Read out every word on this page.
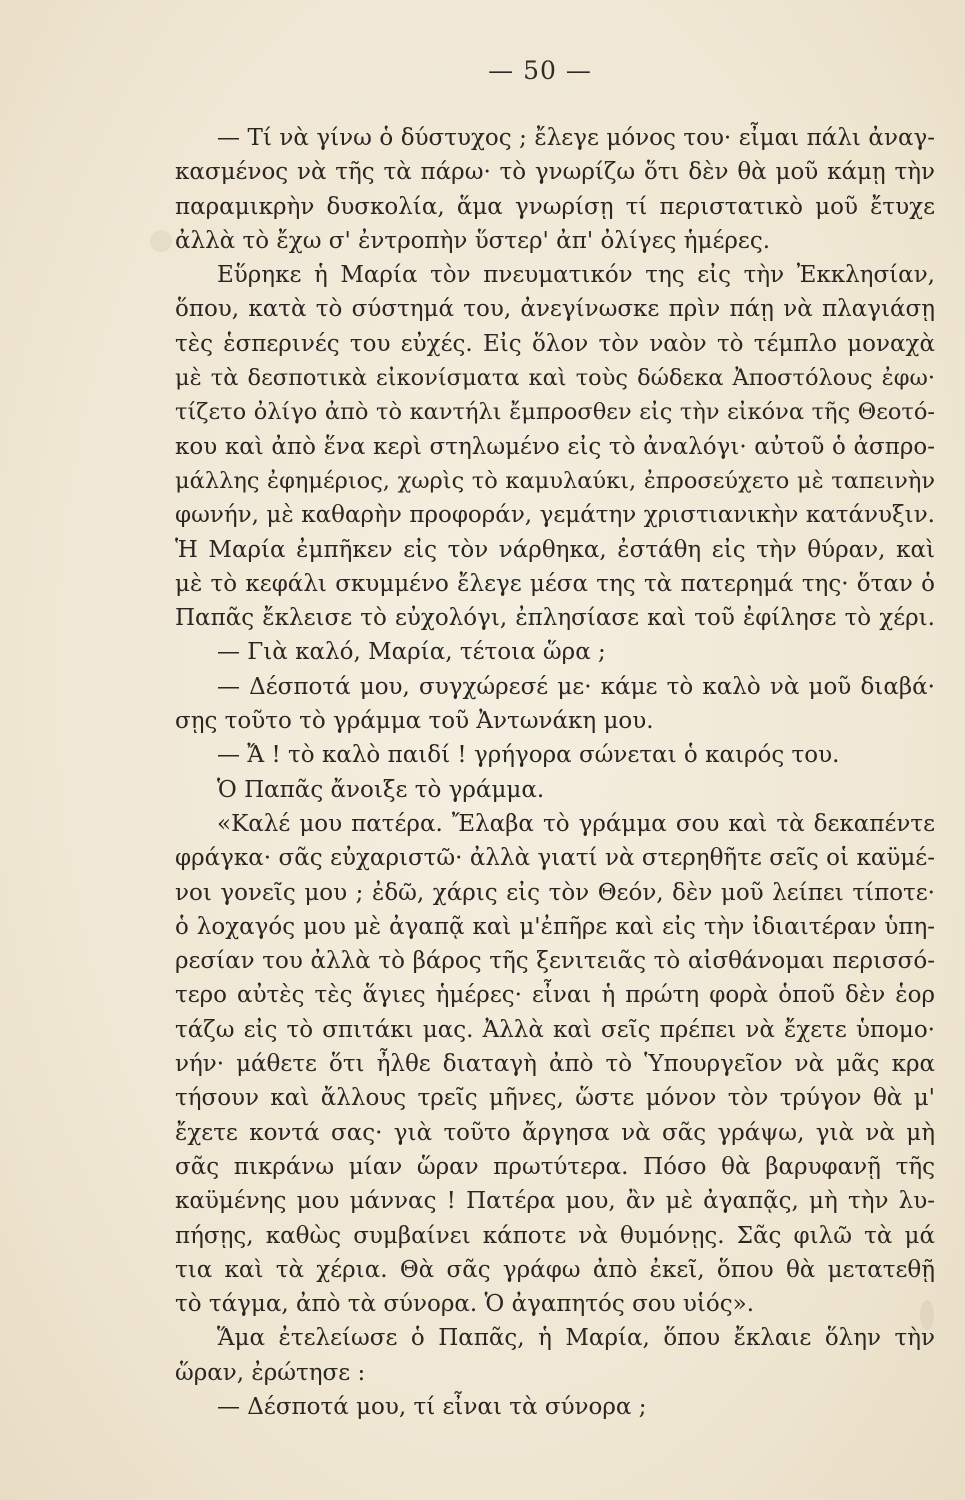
— 50 —
— Τί νὰ γίνω ὁ δύστυχος ; ἔλεγε μόνος του· εἶμαι πάλι ἀναγ-
κασμένος νὰ τῆς τὰ πάρω· τὸ γνωρίζω ὅτι δὲν θὰ μοῦ κάμῃ τὴν
παραμικρὴν δυσκολία, ἅμα γνωρίσῃ τί περιστατικὸ μοῦ ἔτυχε
ἀλλὰ τὸ ἔχω σ' ἐντροπὴν ὕστερ' ἀπ' ὀλίγες ἡμέρες.
Εὕρηκε ἡ Μαρία τὸν πνευματικόν της εἰς τὴν Ἐκκλησίαν,
ὅπου, κατὰ τὸ σύστημά του, ἀνεγίνωσκε πρὶν πάῃ νὰ πλαγιάσῃ
τὲς ἑσπερινές του εὐχές. Εἰς ὅλον τὸν ναὸν τὸ τέμπλο μοναχὰ
μὲ τὰ δεσποτικὰ εἰκονίσματα καὶ τοὺς δώδεκα Ἀποστόλους ἐφω·
τίζετο ὀλίγο ἀπὸ τὸ καντήλι ἔμπροσθεν εἰς τὴν εἰκόνα τῆς Θεοτό-
κου καὶ ἀπὸ ἕνα κερὶ στηλωμένο εἰς τὸ ἀναλόγι· αὐτοῦ ὁ ἀσπρο-
μάλλης ἐφημέριος, χωρὶς τὸ καμυλαύκι, ἐπροσεύχετο μὲ ταπεινὴν
φωνήν, μὲ καθαρὴν προφοράν, γεμάτην χριστιανικὴν κατάνυξιν.
Ἡ Μαρία ἐμπῆκεν εἰς τὸν νάρθηκα, ἐστάθη εἰς τὴν θύραν, καὶ
μὲ τὸ κεφάλι σκυμμένο ἔλεγε μέσα της τὰ πατερημά της· ὅταν ὁ
Παπᾶς ἔκλεισε τὸ εὐχολόγι, ἐπλησίασε καὶ τοῦ ἐφίλησε τὸ χέρι.
— Γιὰ καλό, Μαρία, τέτοια ὥρα ;
— Δέσποτά μου, συγχώρεσέ με· κάμε τὸ καλὸ νὰ μοῦ διαβά·
σῃς τοῦτο τὸ γράμμα τοῦ Ἀντωνάκη μου.
— Ἄ ! τὸ καλὸ παιδί ! γρήγορα σώνεται ὁ καιρός του.
Ὁ Παπᾶς ἄνοιξε τὸ γράμμα.
«Καλέ μου πατέρα. Ἔλαβα τὸ γράμμα σου καὶ τὰ δεκαπέντε
φράγκα· σᾶς εὐχαριστῶ· ἀλλὰ γιατί νὰ στερηθῆτε σεῖς οἱ καϋμέ-
νοι γονεῖς μου ; ἐδῶ, χάρις εἰς τὸν Θεόν, δὲν μοῦ λείπει τίποτε·
ὁ λοχαγός μου μὲ ἀγαπᾷ καὶ μ'ἐπῆρε καὶ εἰς τὴν ἰδιαιτέραν ὑπη-
ρεσίαν του ἀλλὰ τὸ βάρος τῆς ξενιτειᾶς τὸ αἰσθάνομαι περισσό-
τερο αὐτὲς τὲς ἅγιες ἡμέρες· εἶναι ἡ πρώτη φορὰ ὁποῦ δὲν ἑορ
τάζω εἰς τὸ σπιτάκι μας. Ἀλλὰ καὶ σεῖς πρέπει νὰ ἔχετε ὑπομο·
νήν· μάθετε ὅτι ἦλθε διαταγὴ ἀπὸ τὸ Ὑπουργεῖον νὰ μᾶς κρα
τήσουν καὶ ἄλλους τρεῖς μῆνες, ὥστε μόνον τὸν τρύγον θὰ μ'
ἔχετε κοντά σας· γιὰ τοῦτο ἄργησα νὰ σᾶς γράψω, γιὰ νὰ μὴ
σᾶς πικράνω μίαν ὥραν πρωτύτερα. Πόσο θὰ βαρυφανῇ τῆς
καϋμένης μου μάννας ! Πατέρα μου, ἂν μὲ ἀγαπᾷς, μὴ τὴν λυ-
πήσῃς, καθὼς συμβαίνει κάποτε νὰ θυμόνῃς. Σᾶς φιλῶ τὰ μά
τια καὶ τὰ χέρια. Θὰ σᾶς γράφω ἀπὸ ἐκεῖ, ὅπου θὰ μετατεθῇ
τὸ τάγμα, ἀπὸ τὰ σύνορα. Ὁ ἀγαπητός σου υἱός».
Ἅμα ἐτελείωσε ὁ Παπᾶς, ἡ Μαρία, ὅπου ἔκλαιε ὅλην τὴν
ὥραν, ἐρώτησε :
— Δέσποτά μου, τί εἶναι τὰ σύνορα ;
